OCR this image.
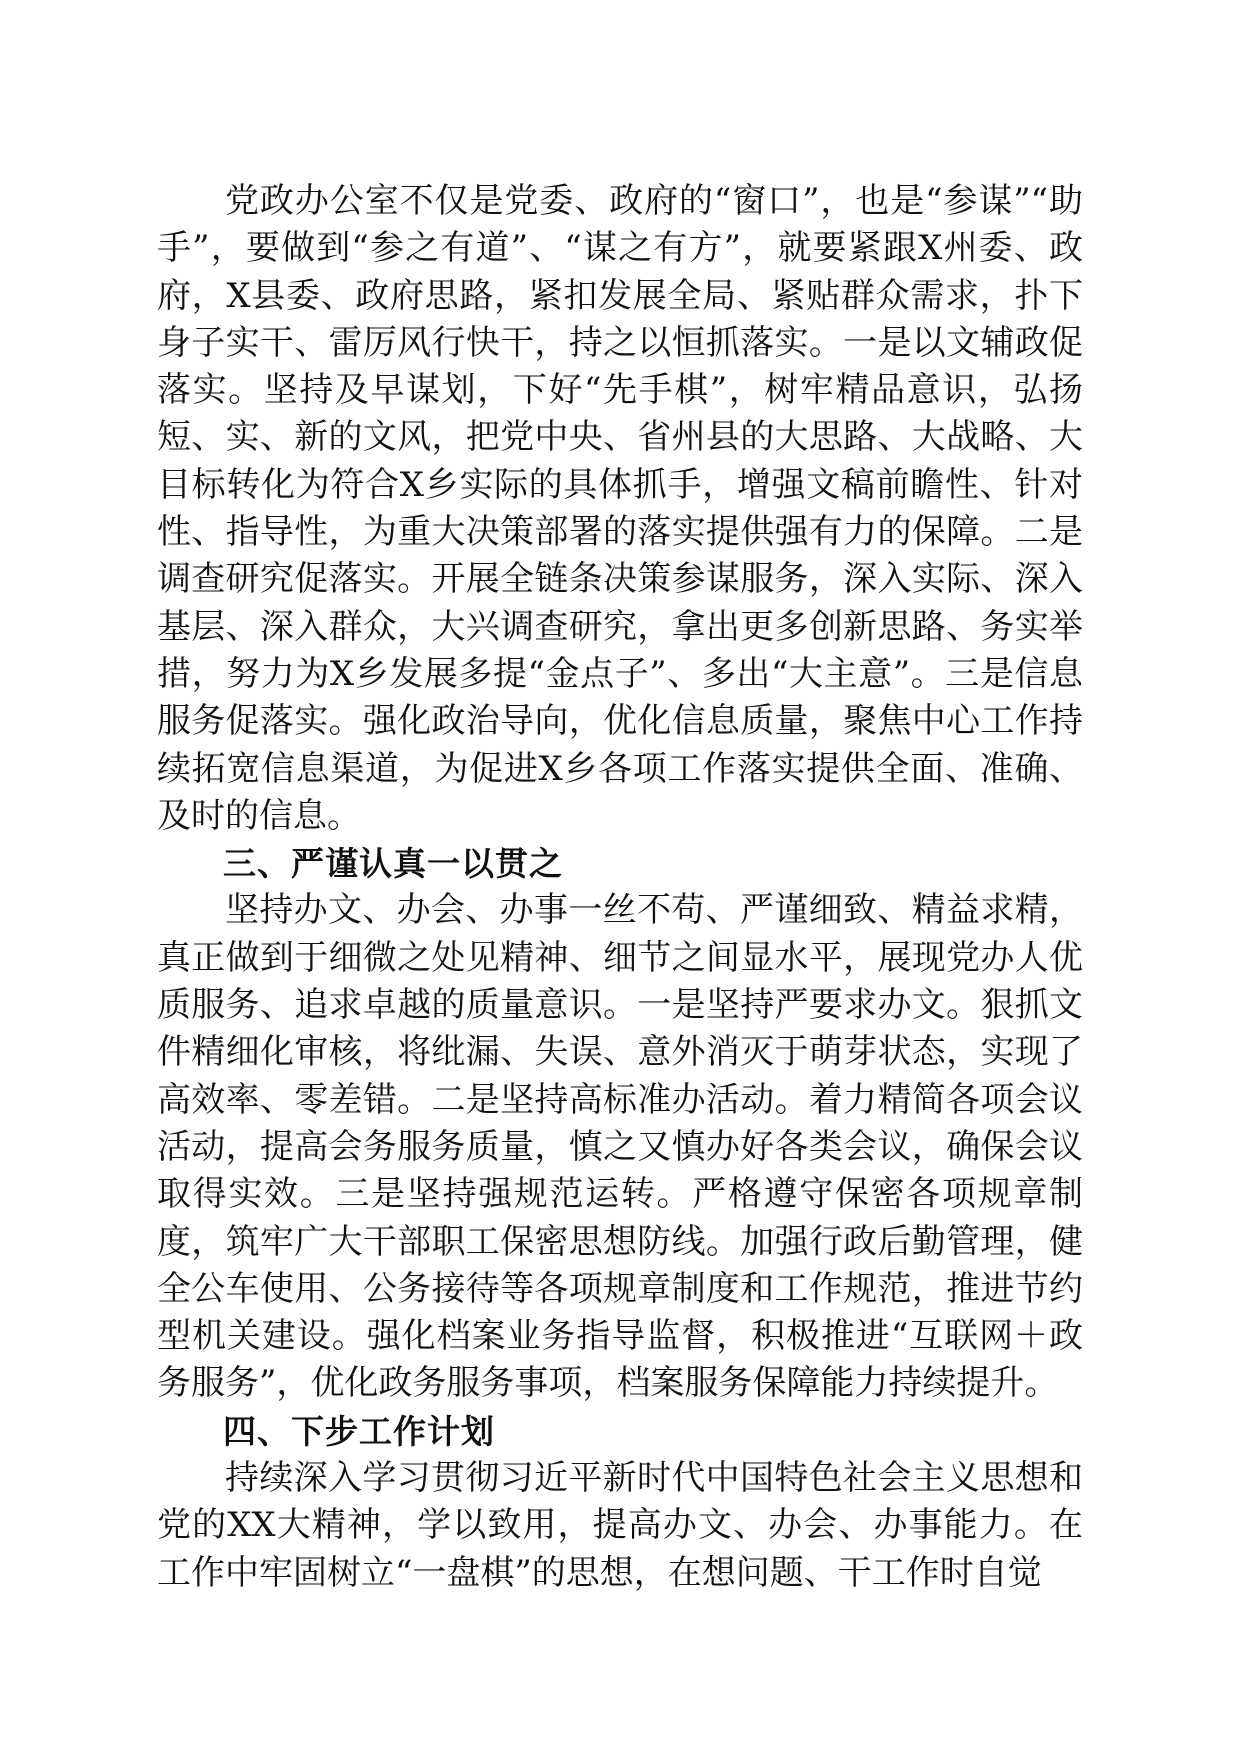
党政办公室不仅是党委、政府的“窗口”，也是“参谋”“助手”，要做到“参之有道”、“谋之有方”，就要紧跟X州委、政府，X县委、政府思路，紧扣发展全局、紧贴群众需求，扑下身子实干、雷厉风行快干，持之以恒抓落实。一是以文辅政促落实。坚持及早谋划，下好“先手棋”，树牢精品意识，弘扬短、实、新的文风，把党中央、省州县的大思路、大战略、大目标转化为符合X乡实际的具体抓手，增强文稿前瞻性、针对性、指导性，为重大决策部署的落实提供强有力的保障。二是调查研究促落实。开展全链条决策参谋服务，深入实际、深入基层、深入群众，大兴调查研究，拿出更多创新思路、务实举措，努力为X乡发展多提“金点子”、多出“大主意”。三是信息服务促落实。强化政治导向，优化信息质量，聚焦中心工作持续拓宽信息渠道，为促进X乡各项工作落实提供全面、准确、及时的信息。

三、严谨认真一以贯之

坚持办文、办会、办事一丝不苟、严谨细致、精益求精，真正做到于细微之处见精神、细节之间显水平，展现党办人优质服务、追求卓越的质量意识。一是坚持严要求办文。狠抓文件精细化审核，将纰漏、失误、意外消灭于萌芽状态，实现了高效率、零差错。二是坚持高标准办活动。着力精简各项会议活动，提高会务服务质量，慎之又慎办好各类会议，确保会议取得实效。三是坚持强规范运转。严格遵守保密各项规章制度，筑牢广大干部职工保密思想防线。加强行政后勤管理，健全公车使用、公务接待等各项规章制度和工作规范，推进节约型机关建设。强化档案业务指导监督，积极推进“互联网＋政务服务”，优化政务服务事项，档案服务保障能力持续提升。

四、下步工作计划

持续深入学习贯彻习近平新时代中国特色社会主义思想和党的XX大精神，学以致用，提高办文、办会、办事能力。在工作中牢固树立“一盘棋”的思想，在想问题、干工作时自觉
